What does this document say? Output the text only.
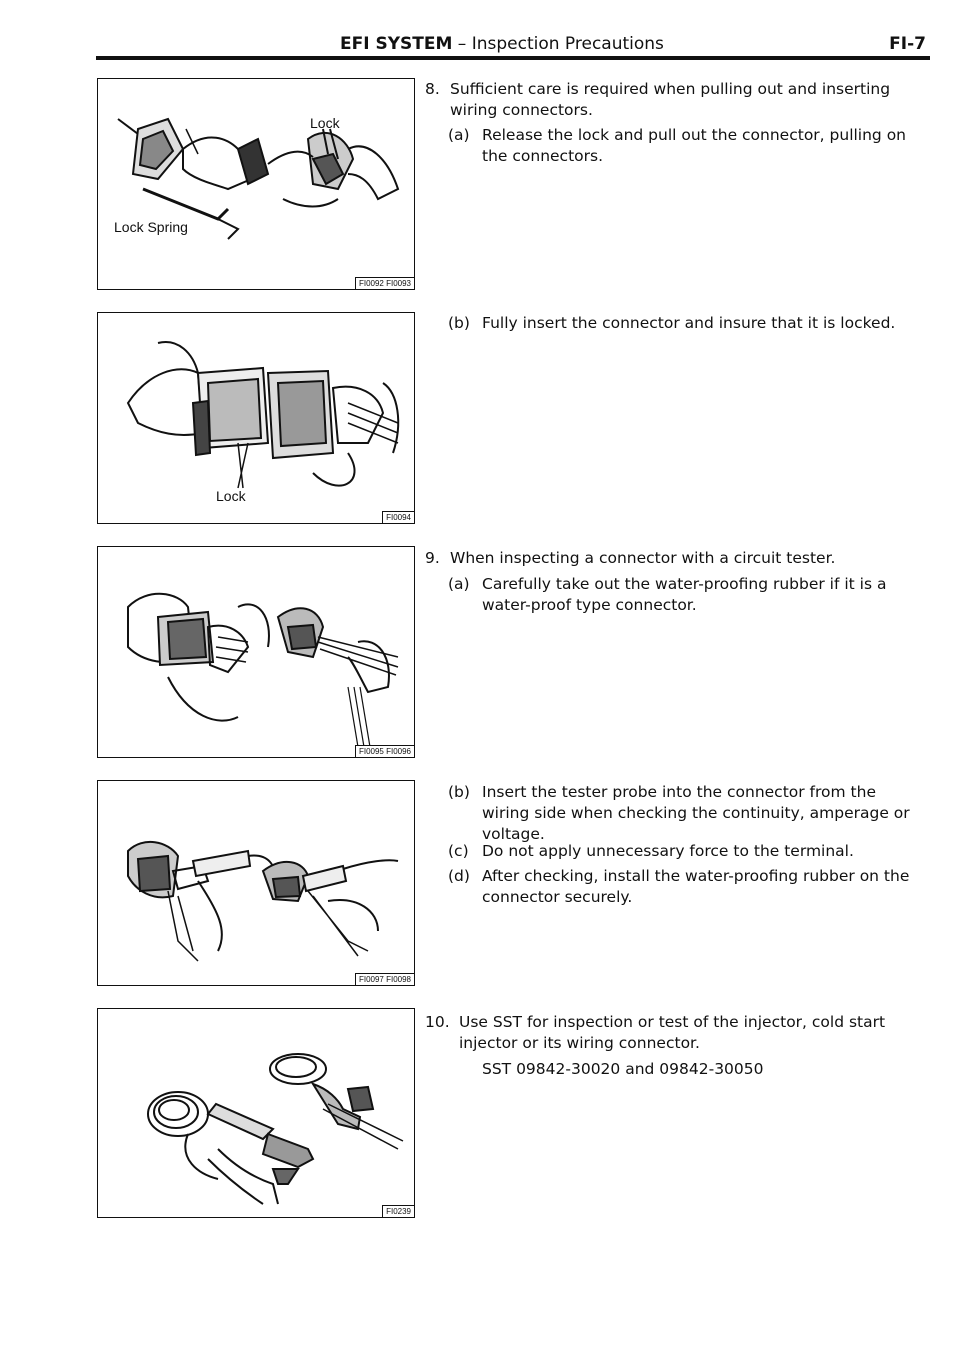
EFI SYSTEM – Inspection Precautions	FI-7
Lock
Lock Spring
FI0092 FI0093
Lock
FI0094
FI0095 FI0096
FI0097 FI0098
FI0239
8. Sufficient care is required when pulling out and inserting wiring connectors.
(a) Release the lock and pull out the connector, pulling on the connectors.
(b) Fully insert the connector and insure that it is locked.
9. When inspecting a connector with a circuit tester.
(a) Carefully take out the water-proofing rubber if it is a water-proof type connector.
(b) Insert the tester probe into the connector from the wiring side when checking the continuity, amperage or voltage.
(c) Do not apply unnecessary force to the terminal.
(d) After checking, install the water-proofing rubber on the connector securely.
10. Use SST for inspection or test of the injector, cold start injector or its wiring connector.
SST 09842-30020 and 09842-30050
